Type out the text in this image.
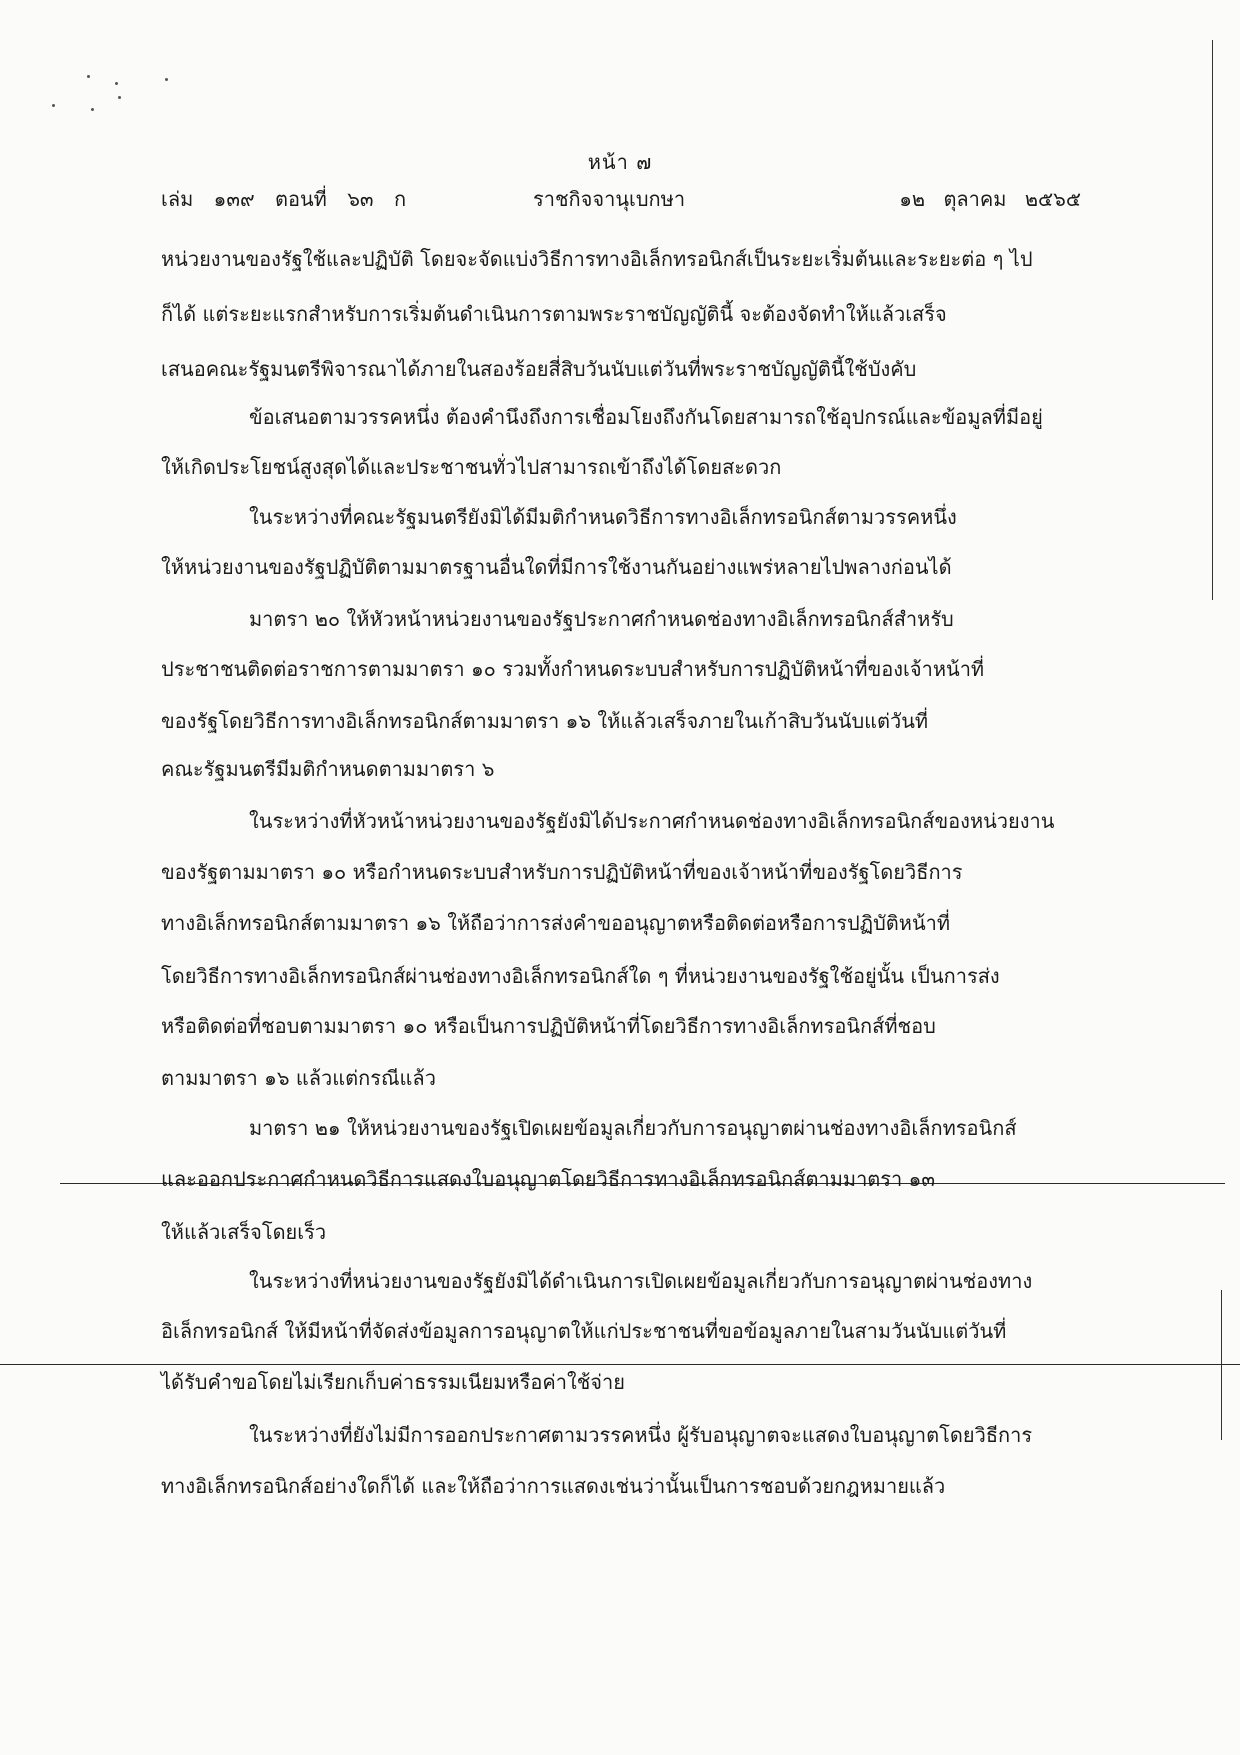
หน้า ๗
เล่ม ๑๓๙ ตอนที่ ๖๓ ก	ราชกิจจานุเบกษา	๑๒ ตุลาคม ๒๕๖๕
หน่วยงานของรัฐใช้และปฏิบัติ โดยจะจัดแบ่งวิธีการทางอิเล็กทรอนิกส์เป็นระยะเริ่มต้นและระยะต่อ ๆ ไป
ก็ได้ แต่ระยะแรกสำหรับการเริ่มต้นดำเนินการตามพระราชบัญญัตินี้ จะต้องจัดทำให้แล้วเสร็จ
เสนอคณะรัฐมนตรีพิจารณาได้ภายในสองร้อยสี่สิบวันนับแต่วันที่พระราชบัญญัตินี้ใช้บังคับ
ข้อเสนอตามวรรคหนึ่ง ต้องคำนึงถึงการเชื่อมโยงถึงกันโดยสามารถใช้อุปกรณ์และข้อมูลที่มีอยู่
ให้เกิดประโยชน์สูงสุดได้และประชาชนทั่วไปสามารถเข้าถึงได้โดยสะดวก
ในระหว่างที่คณะรัฐมนตรียังมิได้มีมติกำหนดวิธีการทางอิเล็กทรอนิกส์ตามวรรคหนึ่ง
ให้หน่วยงานของรัฐปฏิบัติตามมาตรฐานอื่นใดที่มีการใช้งานกันอย่างแพร่หลายไปพลางก่อนได้
มาตรา ๒๐ ให้หัวหน้าหน่วยงานของรัฐประกาศกำหนดช่องทางอิเล็กทรอนิกส์สำหรับ
ประชาชนติดต่อราชการตามมาตรา ๑๐ รวมทั้งกำหนดระบบสำหรับการปฏิบัติหน้าที่ของเจ้าหน้าที่
ของรัฐโดยวิธีการทางอิเล็กทรอนิกส์ตามมาตรา ๑๖ ให้แล้วเสร็จภายในเก้าสิบวันนับแต่วันที่
คณะรัฐมนตรีมีมติกำหนดตามมาตรา ๖
ในระหว่างที่หัวหน้าหน่วยงานของรัฐยังมิได้ประกาศกำหนดช่องทางอิเล็กทรอนิกส์ของหน่วยงาน
ของรัฐตามมาตรา ๑๐ หรือกำหนดระบบสำหรับการปฏิบัติหน้าที่ของเจ้าหน้าที่ของรัฐโดยวิธีการ
ทางอิเล็กทรอนิกส์ตามมาตรา ๑๖ ให้ถือว่าการส่งคำขออนุญาตหรือติดต่อหรือการปฏิบัติหน้าที่
โดยวิธีการทางอิเล็กทรอนิกส์ผ่านช่องทางอิเล็กทรอนิกส์ใด ๆ ที่หน่วยงานของรัฐใช้อยู่นั้น เป็นการส่ง
หรือติดต่อที่ชอบตามมาตรา ๑๐ หรือเป็นการปฏิบัติหน้าที่โดยวิธีการทางอิเล็กทรอนิกส์ที่ชอบ
ตามมาตรา ๑๖ แล้วแต่กรณีแล้ว
มาตรา ๒๑ ให้หน่วยงานของรัฐเปิดเผยข้อมูลเกี่ยวกับการอนุญาตผ่านช่องทางอิเล็กทรอนิกส์
และออกประกาศกำหนดวิธีการแสดงใบอนุญาตโดยวิธีการทางอิเล็กทรอนิกส์ตามมาตรา ๑๓
ให้แล้วเสร็จโดยเร็ว
ในระหว่างที่หน่วยงานของรัฐยังมิได้ดำเนินการเปิดเผยข้อมูลเกี่ยวกับการอนุญาตผ่านช่องทาง
อิเล็กทรอนิกส์ ให้มีหน้าที่จัดส่งข้อมูลการอนุญาตให้แก่ประชาชนที่ขอข้อมูลภายในสามวันนับแต่วันที่
ได้รับคำขอโดยไม่เรียกเก็บค่าธรรมเนียมหรือค่าใช้จ่าย
ในระหว่างที่ยังไม่มีการออกประกาศตามวรรคหนึ่ง ผู้รับอนุญาตจะแสดงใบอนุญาตโดยวิธีการ
ทางอิเล็กทรอนิกส์อย่างใดก็ได้ และให้ถือว่าการแสดงเช่นว่านั้นเป็นการชอบด้วยกฎหมายแล้ว
